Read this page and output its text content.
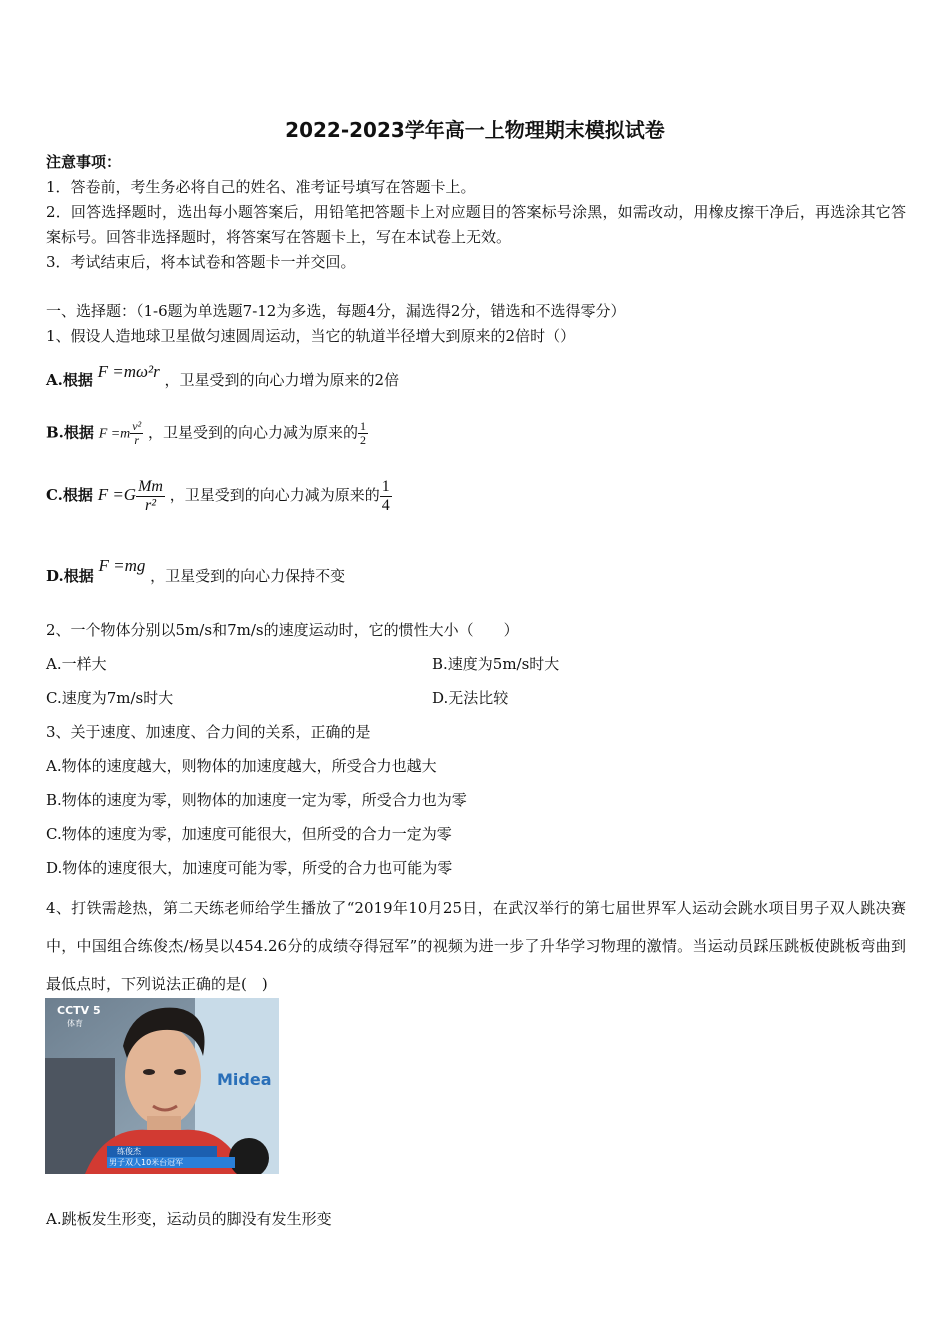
2022-2023学年高一上物理期末模拟试卷
注意事项：
1．答卷前，考生务必将自己的姓名、准考证号填写在答题卡上。
2．回答选择题时，选出每小题答案后，用铅笔把答题卡上对应题目的答案标号涂黑，如需改动，用橡皮擦干净后，再选涂其它答案标号。回答非选择题时，将答案写在答题卡上，写在本试卷上无效。
3．考试结束后，将本试卷和答题卡一并交回。
一、选择题：（1-6题为单选题7-12为多选，每题4分，漏选得2分，错选和不选得零分）
1、假设人造地球卫星做匀速圆周运动，当它的轨道半径增大到原来的2倍时（）
A.根据 F =mω²r ，卫星受到的向心力增为原来的2倍
B.根据 $F =m \frac{\text{v²}}{r}$ ，卫星受到的向心力减为原来的 $\frac{1}{2}$
C.根据 $F =G \frac{Mm}{\text{r²}}$ ，卫星受到的向心力减为原来的 $\frac{1}{4}$
D.根据 F =mg ，卫星受到的向心力保持不变
2、一个物体分别以5m/s和7m/s的速度运动时，它的惯性大小（　　）
A.一样大	B.速度为5m/s时大
C.速度为7m/s时大	D.无法比较
3、关于速度、加速度、合力间的关系，正确的是
A.物体的速度越大，则物体的加速度越大，所受合力也越大
B.物体的速度为零，则物体的加速度一定为零，所受合力也为零
C.物体的速度为零，加速度可能很大，但所受的合力一定为零
D.物体的速度很大，加速度可能为零，所受的合力也可能为零
4、打铁需趁热，第二天练老师给学生播放了“2019年10月25日，在武汉举行的第七届世界军人运动会跳水项目男子双人跳决赛中，中国组合练俊杰/杨昊以454.26分的成绩夺得冠军”的视频为进一步了升华学习物理的激情。当运动员踩压跳板使跳板弯曲到最低点时，下列说法正确的是(　)
CCTV 5
体育
Midea
练俊杰
男子双人10米台冠军
A.跳板发生形变，运动员的脚没有发生形变
